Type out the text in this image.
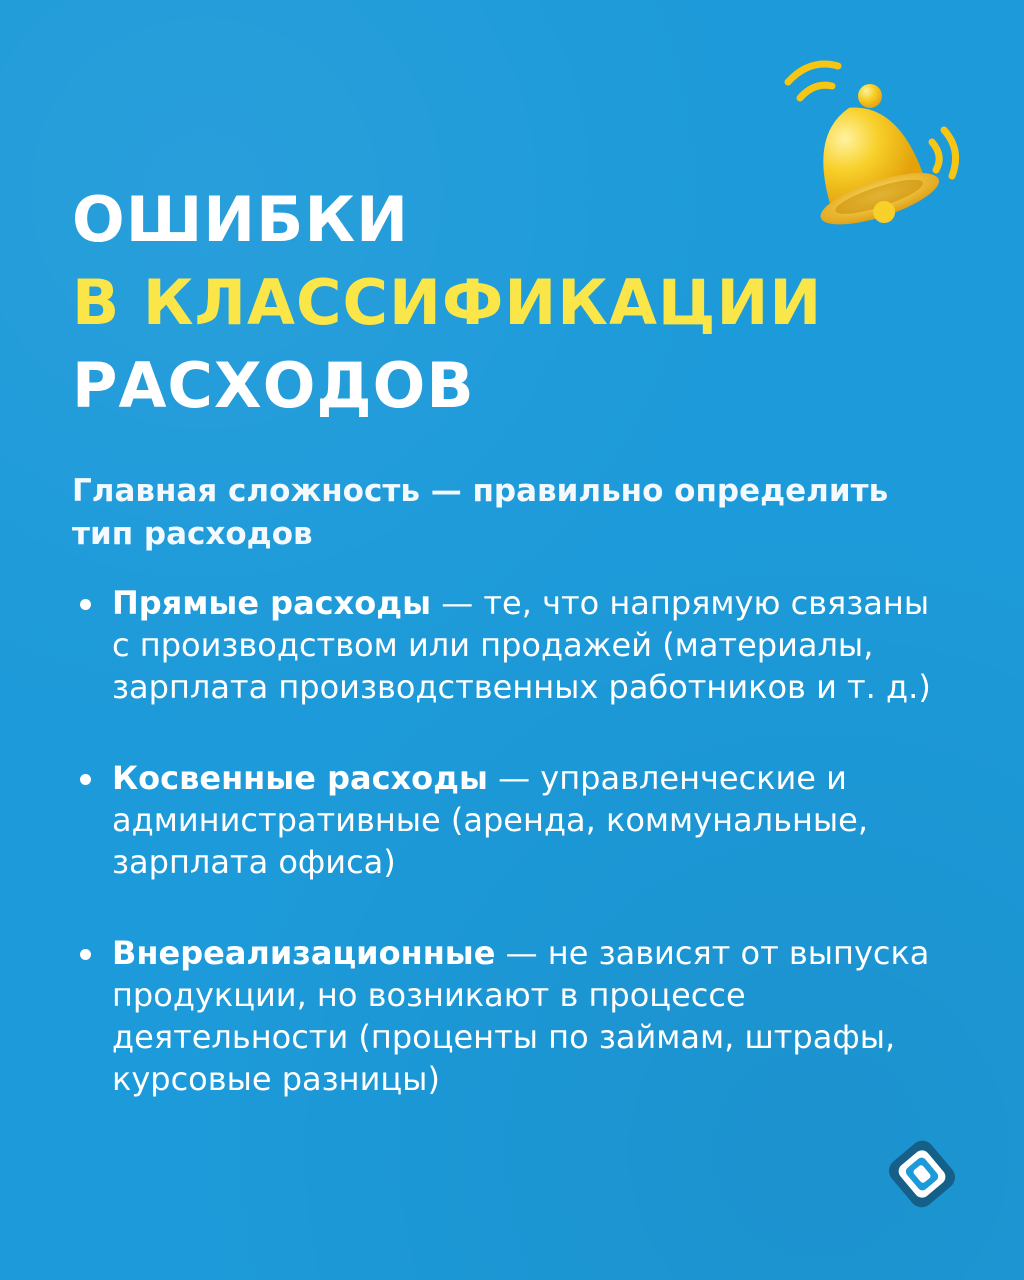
ОШИБКИ
В КЛАССИФИКАЦИИ
РАСХОДОВ

Главная сложность — правильно определить тип расходов

Прямые расходы — те, что напрямую связаны с производством или продажей (материалы, зарплата производственных работников и т. д.)
Косвенные расходы — управленческие и административные (аренда, коммунальные, зарплата офиса)
Внереализационные — не зависят от выпуска продукции, но возникают в процессе деятельности (проценты по займам, штрафы, курсовые разницы)
